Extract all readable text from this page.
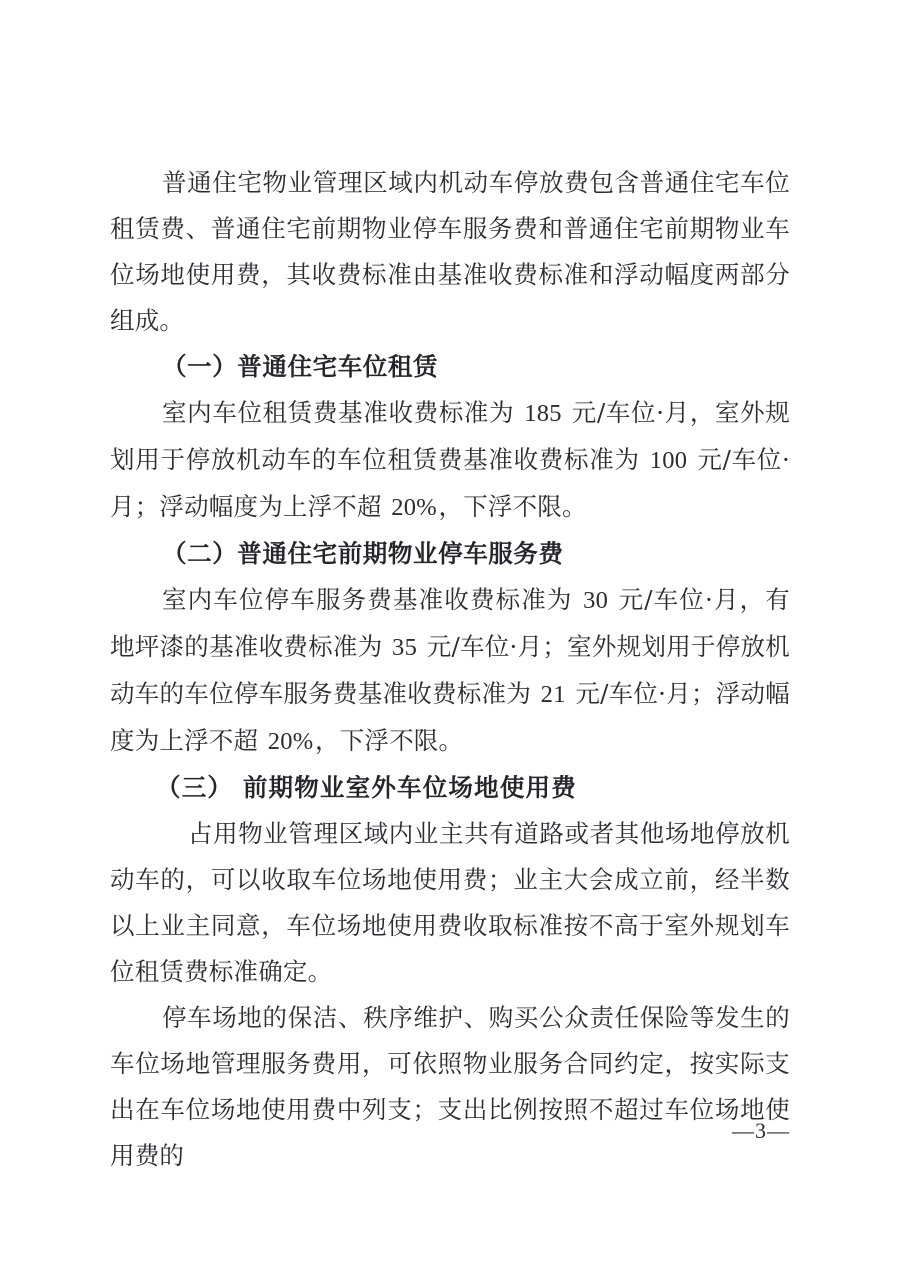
普通住宅物业管理区域内机动车停放费包含普通住宅车位租赁费、普通住宅前期物业停车服务费和普通住宅前期物业车位场地使用费，其收费标准由基准收费标准和浮动幅度两部分组成。

（一）普通住宅车位租赁

室内车位租赁费基准收费标准为 185 元/车位·月，室外规划用于停放机动车的车位租赁费基准收费标准为 100 元/车位·月；浮动幅度为上浮不超 20%，下浮不限。

（二）普通住宅前期物业停车服务费

室内车位停车服务费基准收费标准为 30 元/车位·月，有地坪漆的基准收费标准为 35 元/车位·月；室外规划用于停放机动车的车位停车服务费基准收费标准为 21 元/车位·月；浮动幅度为上浮不超 20%，下浮不限。

（三） 前期物业室外车位场地使用费

占用物业管理区域内业主共有道路或者其他场地停放机动车的，可以收取车位场地使用费；业主大会成立前，经半数以上业主同意，车位场地使用费收取标准按不高于室外规划车位租赁费标准确定。

停车场地的保洁、秩序维护、购买公众责任保险等发生的车位场地管理服务费用，可依照物业服务合同约定，按实际支出在车位场地使用费中列支；支出比例按照不超过车位场地使用费的

—3—
